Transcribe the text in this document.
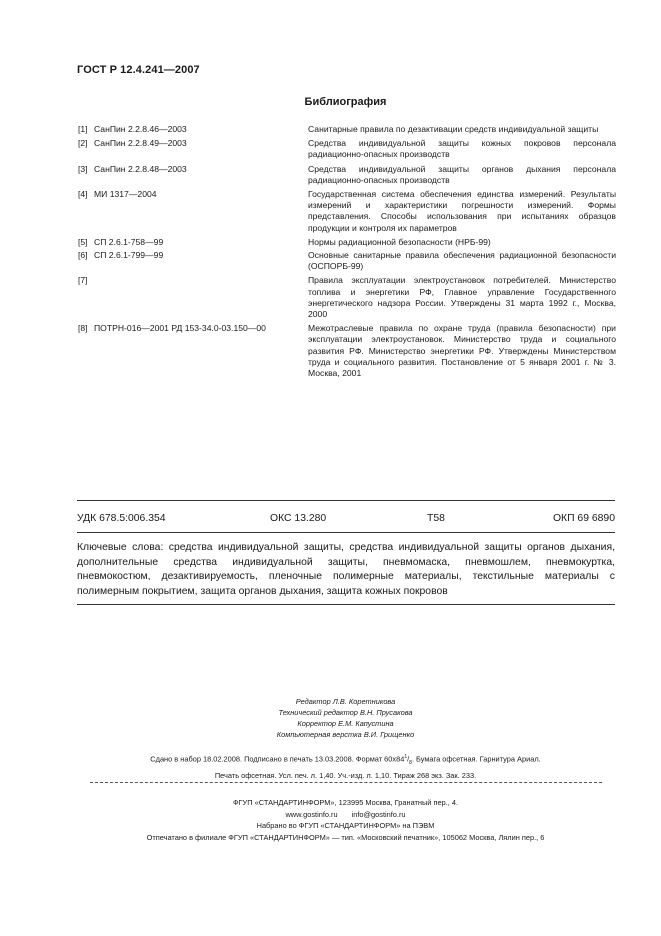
ГОСТ Р 12.4.241—2007
Библиография
[1] СанПин 2.2.8.46—2003	Санитарные правила по дезактивации средств индивидуальной защиты
[2] СанПин 2.2.8.49—2003	Средства индивидуальной защиты кожных покровов персонала радиационно-опасных производств
[3] СанПин 2.2.8.48—2003	Средства индивидуальной защиты органов дыхания персонала радиационно-опасных производств
[4] МИ 1317—2004	Государственная система обеспечения единства измерений. Результаты измерений и характеристики погрешности измерений. Формы представления. Способы использования при испытаниях образцов продукции и контроля их параметров
[5] СП 2.6.1-758—99	Нормы радиационной безопасности (НРБ-99)
[6] СП 2.6.1-799—99	Основные санитарные правила обеспечения радиационной безопасности (ОСПОРБ-99)
[7]	Правила эксплуатации электроустановок потребителей. Министерство топлива и энергетики РФ, Главное управление Государственного энергетического надзора России. Утверждены 31 марта 1992 г., Москва, 2000
[8] ПОТРН-016—2001 РД 153-34.0-03.150—00	Межотраслевые правила по охране труда (правила безопасности) при эксплуатации электроустановок. Министерство труда и социального развития РФ. Министерство энергетики РФ. Утверждены Министерством труда и социального развития. Постановление от 5 января 2001 г. № 3. Москва, 2001
УДК 678.5:006.354	ОКС 13.280	Т58	ОКП 69 6890
Ключевые слова: средства индивидуальной защиты, средства индивидуальной защиты органов дыхания, дополнительные средства индивидуальной защиты, пневмомаска, пневмошлем, пневмокуртка, пневмокостюм, дезактивируемость, пленочные полимерные материалы, текстильные материалы с полимерным покрытием, защита органов дыхания, защита кожных покровов
Редактор Л.В. Коретникова
Технический редактор В.Н. Прусакова
Корректор Е.М. Капустина
Компьютерная верстка В.И. Грищенко
Сдано в набор 18.02.2008. Подписано в печать 13.03.2008. Формат $60х84^1/_8$. Бумага офсетная. Гарнитура Ариал.
Печать офсетная. Усл. печ. л. 1,40. Уч.-изд. л. 1,10. Тираж 268 экз. Зак. 233.
ФГУП «СТАНДАРТИНФОРМ», 123995 Москва, Гранатный пер., 4.
www.gostinfo.ru info@gostinfo.ru
Набрано во ФГУП «СТАНДАРТИНФОРМ» на ПЭВМ
Отпечатано в филиале ФГУП «СТАНДАРТИНФОРМ» — тип. «Московский печатник», 105062 Москва, Лялин пер., 6
